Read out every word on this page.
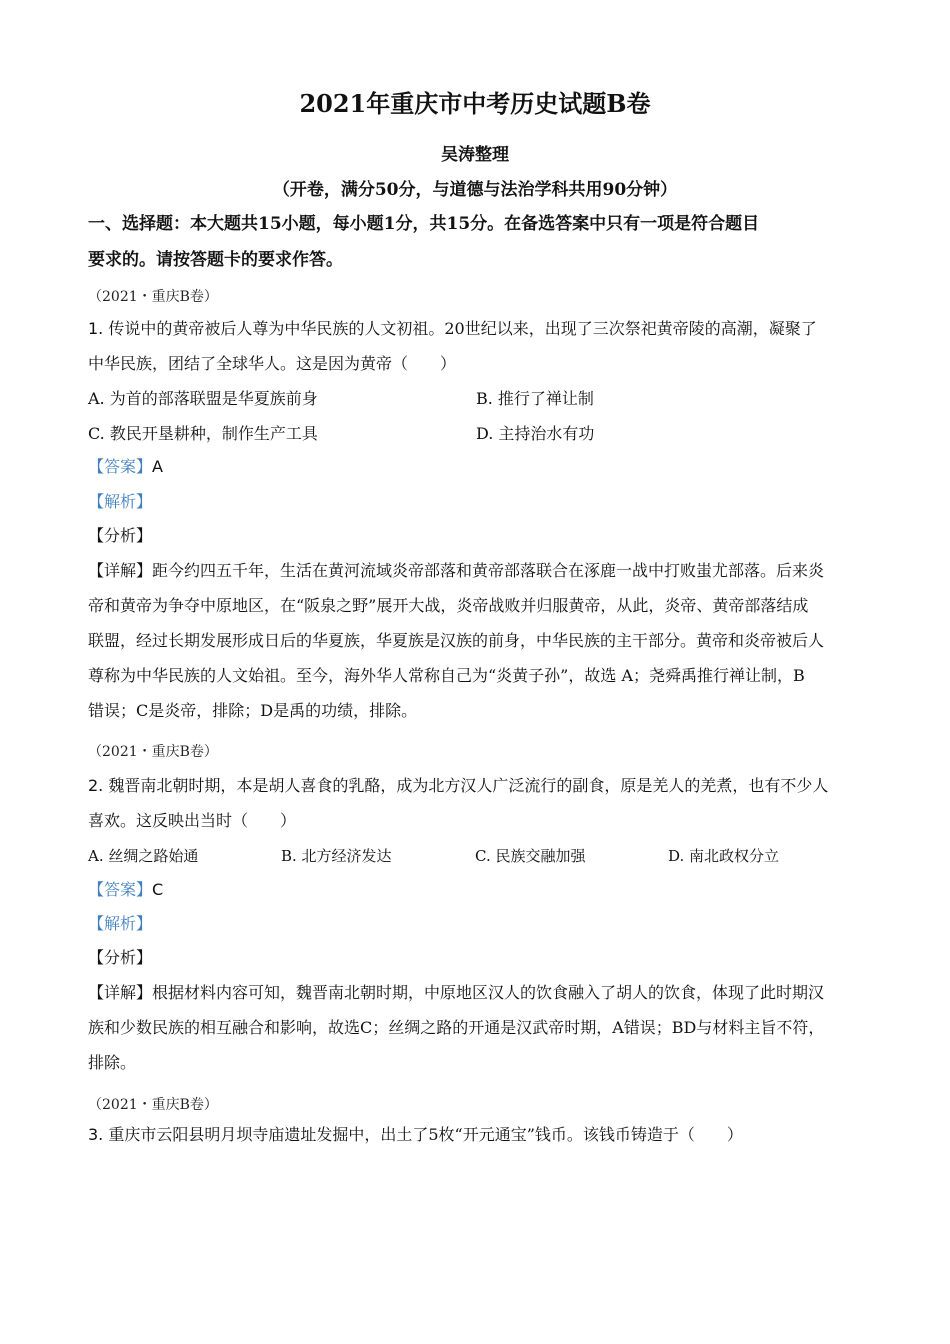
2021年重庆市中考历史试题B卷
吴涛整理
（开卷，满分50分，与道德与法治学科共用90分钟）
一、选择题：本大题共15小题，每小题1分，共15分。在备选答案中只有一项是符合题目
要求的。请按答题卡的要求作答。
（2021・重庆B卷）
1. 传说中的黄帝被后人尊为中华民族的人文初祖。20世纪以来，出现了三次祭祀黄帝陵的高潮，凝聚了
中华民族，团结了全球华人。这是因为黄帝（　　）
A. 为首的部落联盟是华夏族前身	B. 推行了禅让制
C. 教民开垦耕种，制作生产工具	D. 主持治水有功
【答案】A
【解析】
【分析】
【详解】距今约四五千年，生活在黄河流域炎帝部落和黄帝部落联合在涿鹿一战中打败蚩尤部落。后来炎
帝和黄帝为争夺中原地区，在“阪泉之野”展开大战，炎帝战败并归服黄帝，从此，炎帝、黄帝部落结成
联盟，经过长期发展形成日后的华夏族，华夏族是汉族的前身，中华民族的主干部分。黄帝和炎帝被后人
尊称为中华民族的人文始祖。至今，海外华人常称自己为“炎黄子孙”，故选 A；尧舜禹推行禅让制，B
错误；C是炎帝，排除；D是禹的功绩，排除。
（2021・重庆B卷）
2. 魏晋南北朝时期，本是胡人喜食的乳酪，成为北方汉人广泛流行的副食，原是羌人的羌煮，也有不少人
喜欢。这反映出当时（　　）
A. 丝绸之路始通	B. 北方经济发达	C. 民族交融加强	D. 南北政权分立
【答案】C
【解析】
【分析】
【详解】根据材料内容可知，魏晋南北朝时期，中原地区汉人的饮食融入了胡人的饮食，体现了此时期汉
族和少数民族的相互融合和影响，故选C；丝绸之路的开通是汉武帝时期，A错误；BD与材料主旨不符，
排除。
（2021・重庆B卷）
3. 重庆市云阳县明月坝寺庙遗址发掘中，出土了5枚“开元通宝”钱币。该钱币铸造于（　　）
